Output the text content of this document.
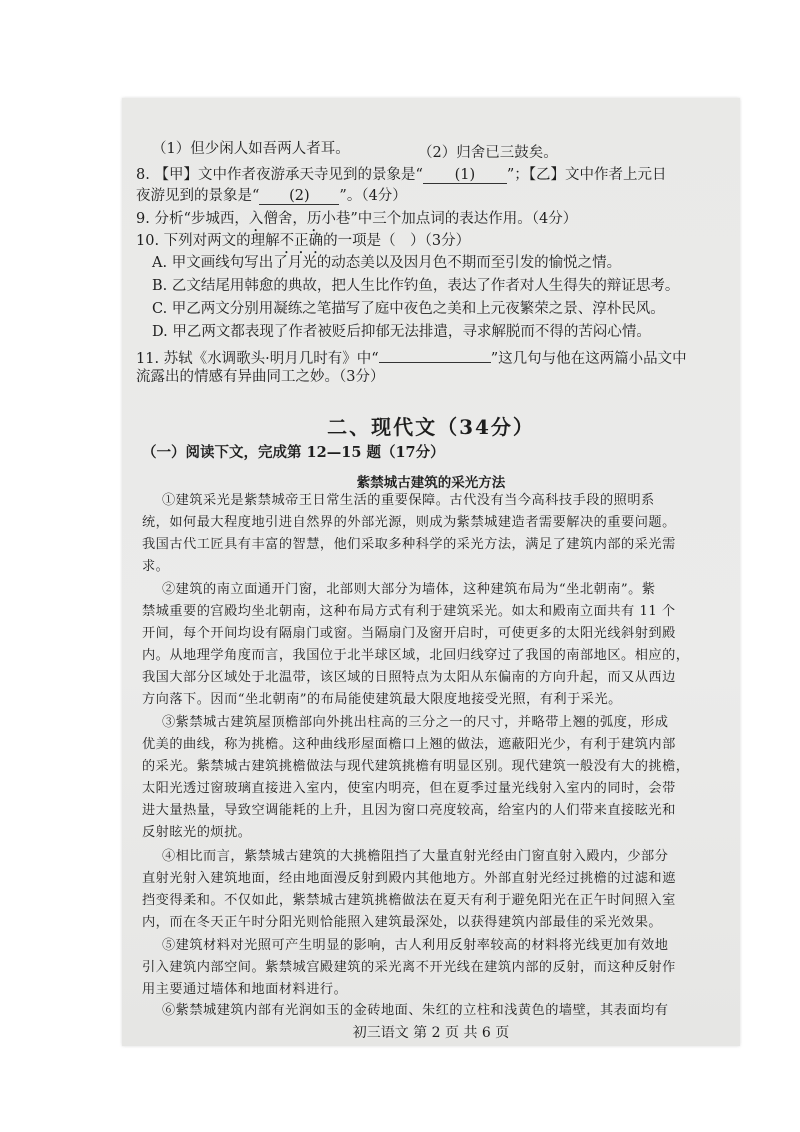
（1）但少闲人如吾两人者耳。	（2）归舍已三鼓矣。
8. 【甲】文中作者夜游承天寺见到的景象是“ (1) ”；【乙】文中作者上元日
夜游见到的景象是“ (2) ”。（4分）
9. 分析“步城西，入僧舍，历小巷”中三个加点词的表达作用。（4分）
10. 下列对两文的理解不正确的一项是（　）（3分）
A. 甲文画线句写出了月光的动态美以及因月色不期而至引发的愉悦之情。
B. 乙文结尾用韩愈的典故，把人生比作钓鱼，表达了作者对人生得失的辩证思考。
C. 甲乙两文分别用凝练之笔描写了庭中夜色之美和上元夜繁荣之景、淳朴民风。
D. 甲乙两文都表现了作者被贬后抑郁无法排遣，寻求解脱而不得的苦闷心情。
11. 苏轼《水调歌头·明月几时有》中“	”这几句与他在这两篇小品文中
流露出的情感有异曲同工之妙。（3分）
二、现代文（34分）
（一）阅读下文，完成第 12—15 题（17分）
紫禁城古建筑的采光方法
①建筑采光是紫禁城帝王日常生活的重要保障。古代没有当今高科技手段的照明系
统，如何最大程度地引进自然界的外部光源，则成为紫禁城建造者需要解决的重要问题。
我国古代工匠具有丰富的智慧，他们采取多种科学的采光方法，满足了建筑内部的采光需
求。
②建筑的南立面通开门窗，北部则大部分为墙体，这种建筑布局为“坐北朝南”。紫
禁城重要的宫殿均坐北朝南，这种布局方式有利于建筑采光。如太和殿南立面共有 11 个
开间，每个开间均设有隔扇门或窗。当隔扇门及窗开启时，可使更多的太阳光线斜射到殿
内。从地理学角度而言，我国位于北半球区域，北回归线穿过了我国的南部地区。相应的，
我国大部分区域处于北温带，该区域的日照特点为太阳从东偏南的方向升起，而又从西边
方向落下。因而“坐北朝南”的布局能使建筑最大限度地接受光照，有利于采光。
③紫禁城古建筑屋顶檐部向外挑出柱高的三分之一的尺寸，并略带上翘的弧度，形成
优美的曲线，称为挑檐。这种曲线形屋面檐口上翘的做法，遮蔽阳光少，有利于建筑内部
的采光。紫禁城古建筑挑檐做法与现代建筑挑檐有明显区别。现代建筑一般没有大的挑檐，
太阳光透过窗玻璃直接进入室内，使室内明亮，但在夏季过量光线射入室内的同时，会带
进大量热量，导致空调能耗的上升，且因为窗口亮度较高，给室内的人们带来直接眩光和
反射眩光的烦扰。
④相比而言，紫禁城古建筑的大挑檐阻挡了大量直射光经由门窗直射入殿内，少部分
直射光射入建筑地面，经由地面漫反射到殿内其他地方。外部直射光经过挑檐的过滤和遮
挡变得柔和。不仅如此，紫禁城古建筑挑檐做法在夏天有利于避免阳光在正午时间照入室
内，而在冬天正午时分阳光则恰能照入建筑最深处，以获得建筑内部最佳的采光效果。
⑤建筑材料对光照可产生明显的影响，古人利用反射率较高的材料将光线更加有效地
引入建筑内部空间。紫禁城宫殿建筑的采光离不开光线在建筑内部的反射，而这种反射作
用主要通过墙体和地面材料进行。
⑥紫禁城建筑内部有光润如玉的金砖地面、朱红的立柱和浅黄色的墙壁，其表面均有
初三语文 第 2 页 共 6 页
